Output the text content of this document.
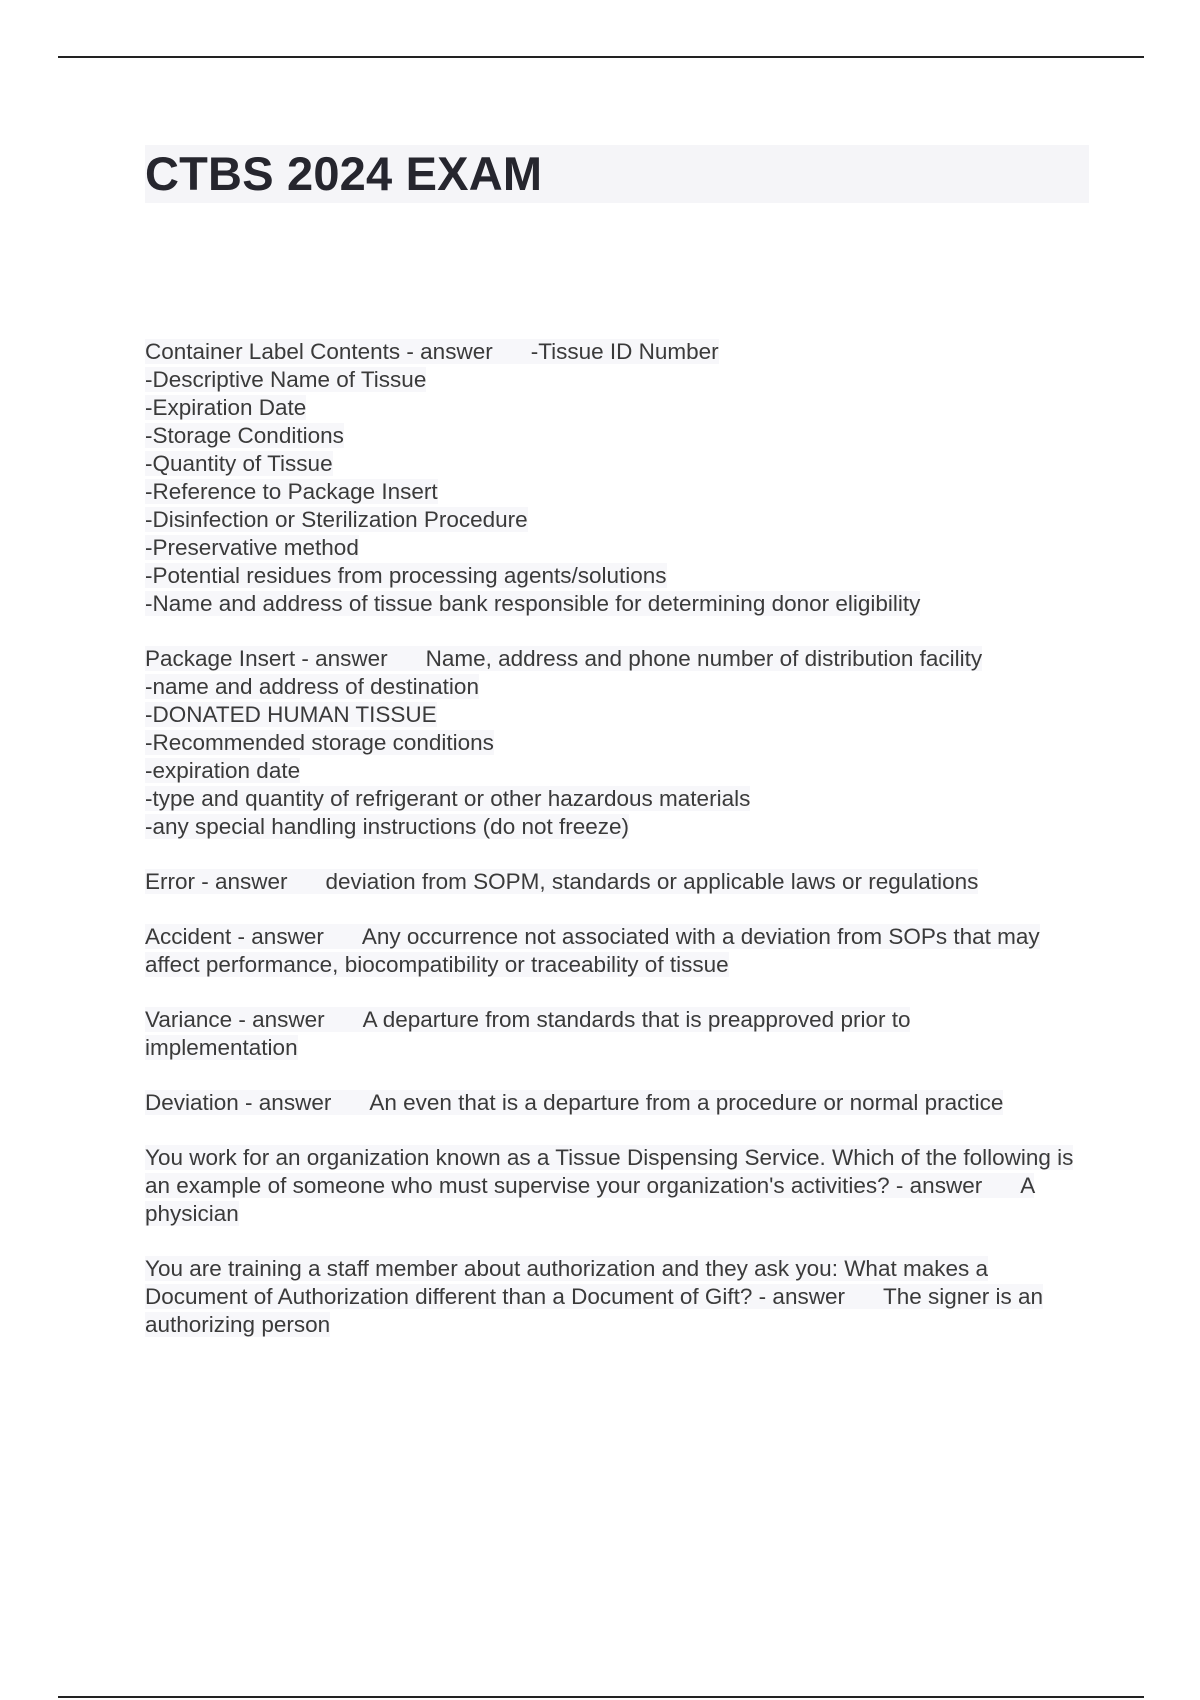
CTBS 2024 EXAM
Container Label Contents - answer -Tissue ID Number
-Descriptive Name of Tissue
-Expiration Date
-Storage Conditions
-Quantity of Tissue
-Reference to Package Insert
-Disinfection or Sterilization Procedure
-Preservative method
-Potential residues from processing agents/solutions
-Name and address of tissue bank responsible for determining donor eligibility
Package Insert - answer Name, address and phone number of distribution facility
-name and address of destination
-DONATED HUMAN TISSUE
-Recommended storage conditions
-expiration date
-type and quantity of refrigerant or other hazardous materials
-any special handling instructions (do not freeze)
Error - answer deviation from SOPM, standards or applicable laws or regulations
Accident - answer Any occurrence not associated with a deviation from SOPs that may affect performance, biocompatibility or traceability of tissue
Variance - answer A departure from standards that is preapproved prior to implementation
Deviation - answer An even that is a departure from a procedure or normal practice
You work for an organization known as a Tissue Dispensing Service. Which of the following is an example of someone who must supervise your organization's activities? - answer A physician
You are training a staff member about authorization and they ask you: What makes a Document of Authorization different than a Document of Gift? - answer The signer is an authorizing person
